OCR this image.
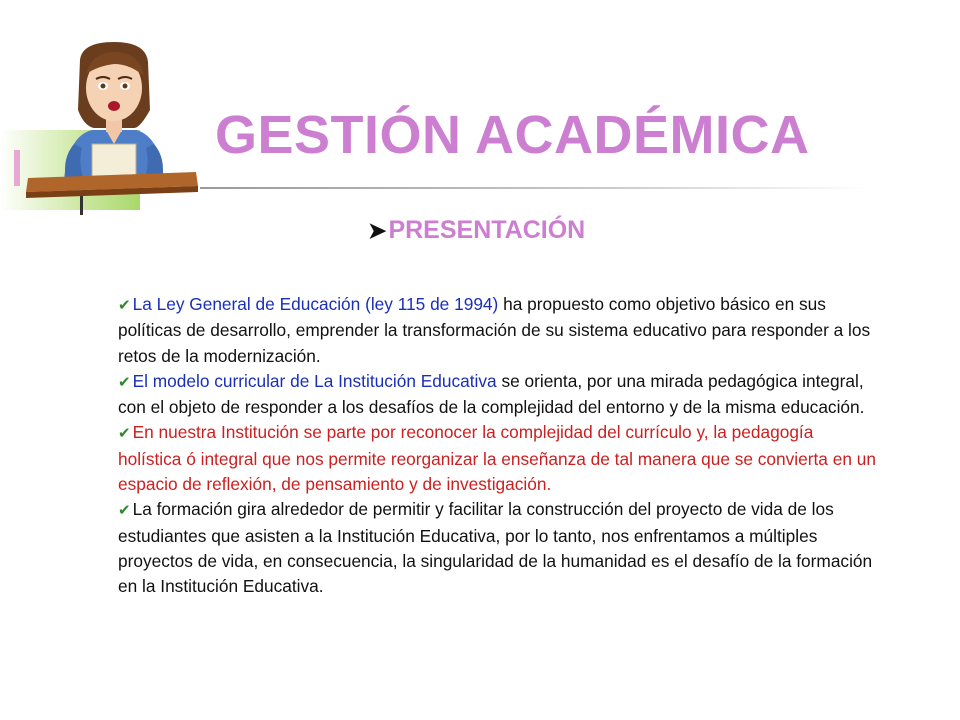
GESTIÓN ACADÉMICA
➤PRESENTACIÓN

✔ La Ley General de Educación (ley 115 de 1994) ha propuesto como objetivo básico en sus políticas de desarrollo, emprender la transformación de su sistema educativo para responder a los retos de la modernización.

✔ El modelo curricular de La Institución Educativa se orienta, por una mirada pedagógica integral, con el objeto de responder a los desafíos de la complejidad del entorno y de la misma educación.

✔ En nuestra Institución se parte por reconocer la complejidad del currículo y, la pedagogía holística ó integral que nos permite reorganizar la enseñanza de tal manera que se convierta en un espacio de reflexión, de pensamiento y de investigación.

✔ La formación gira alrededor de permitir y facilitar la construcción del proyecto de vida de los estudiantes que asisten a la Institución Educativa, por lo tanto, nos enfrentamos a múltiples proyectos de vida, en consecuencia, la singularidad de la humanidad es el desafío de la formación en la Institución Educativa.
